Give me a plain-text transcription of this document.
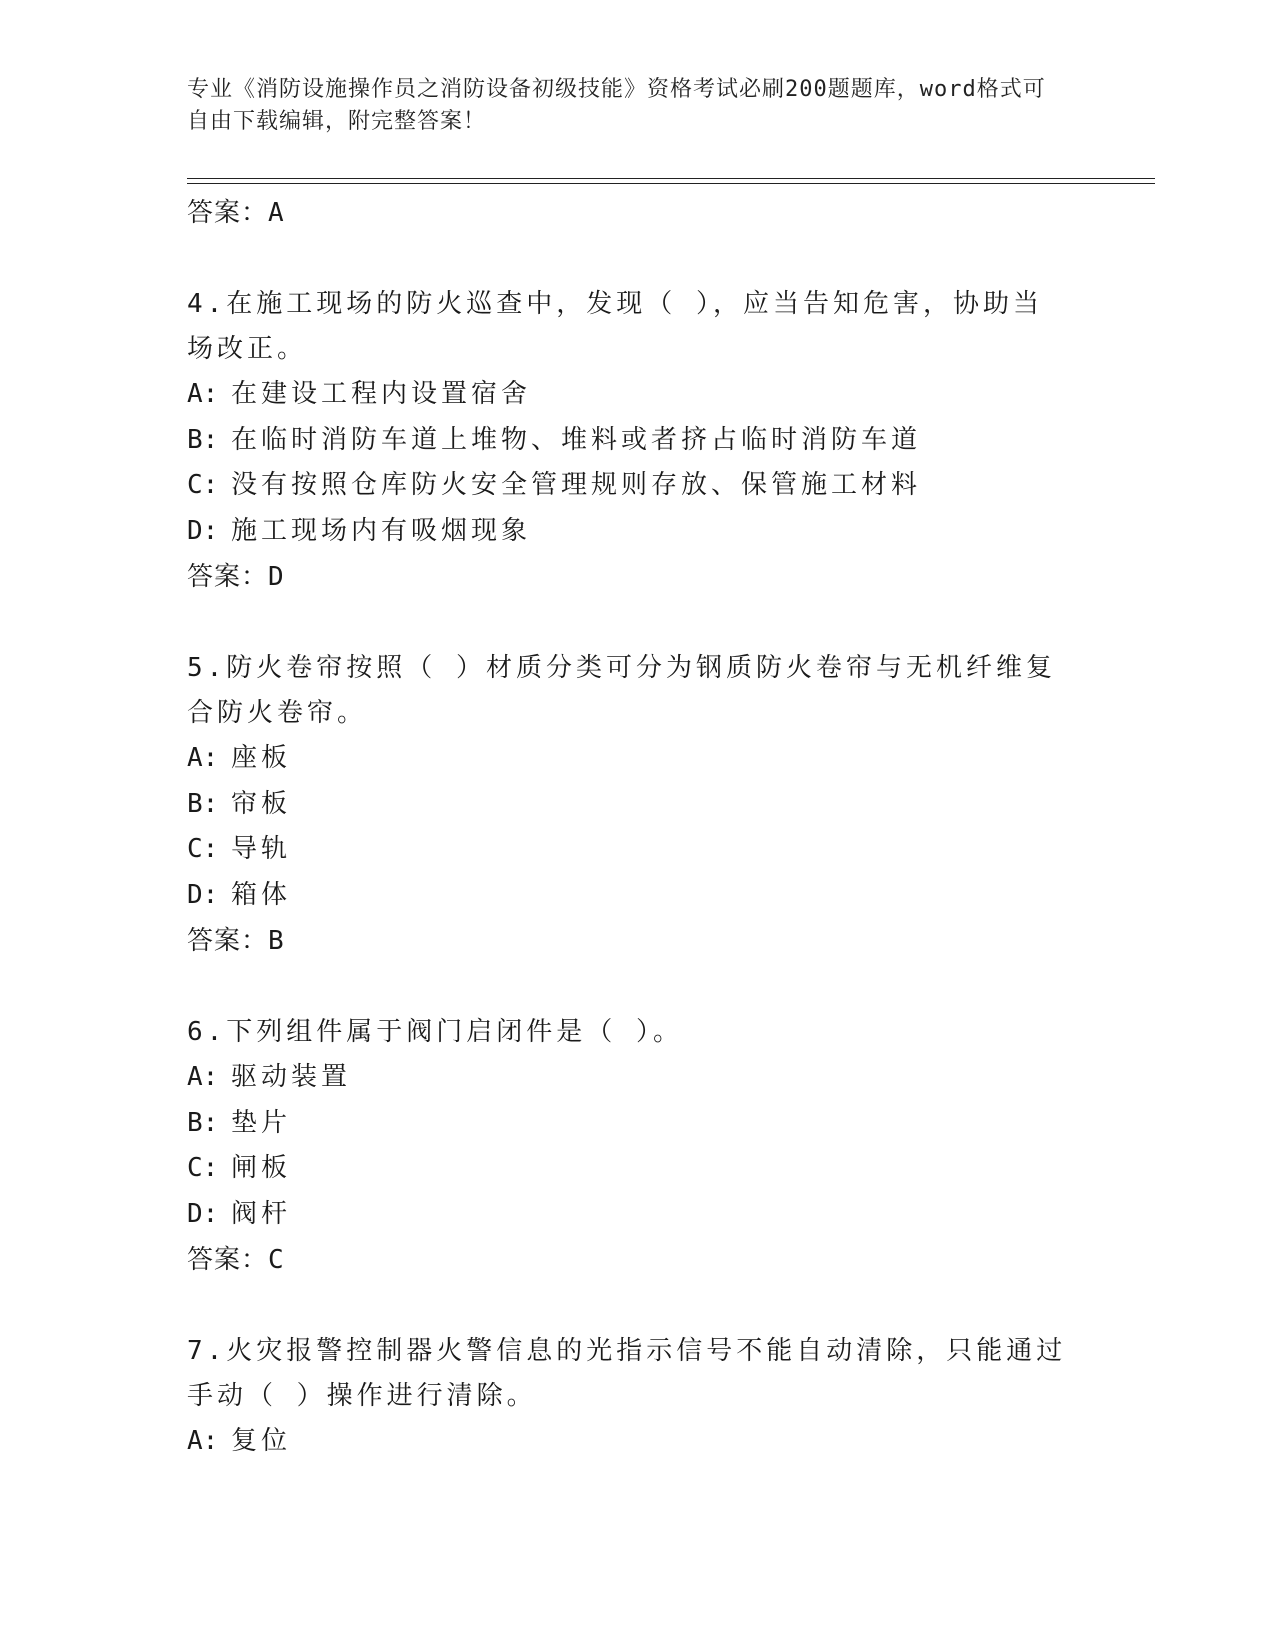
专业《消防设施操作员之消防设备初级技能》资格考试必刷200题题库，word格式可自由下载编辑，附完整答案！
答案：A
4.在施工现场的防火巡查中，发现（ ），应当告知危害，协助当场改正。
A: 在建设工程内设置宿舍
B: 在临时消防车道上堆物、堆料或者挤占临时消防车道
C: 没有按照仓库防火安全管理规则存放、保管施工材料
D: 施工现场内有吸烟现象
答案：D
5.防火卷帘按照（ ）材质分类可分为钢质防火卷帘与无机纤维复合防火卷帘。
A: 座板
B: 帘板
C: 导轨
D: 箱体
答案：B
6.下列组件属于阀门启闭件是（ ）。
A: 驱动装置
B: 垫片
C: 闸板
D: 阀杆
答案：C
7.火灾报警控制器火警信息的光指示信号不能自动清除，只能通过手动（ ）操作进行清除。
A: 复位
